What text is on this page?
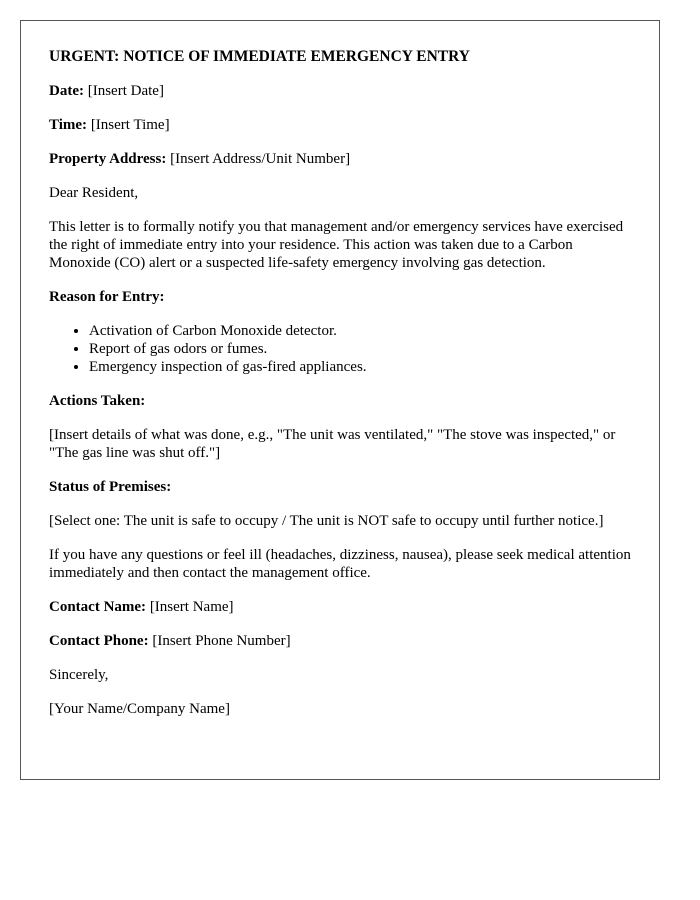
URGENT: NOTICE OF IMMEDIATE EMERGENCY ENTRY

Date: [Insert Date]

Time: [Insert Time]

Property Address: [Insert Address/Unit Number]

Dear Resident,

This letter is to formally notify you that management and/or emergency services have exercised the right of immediate entry into your residence. This action was taken due to a Carbon Monoxide (CO) alert or a suspected life-safety emergency involving gas detection.

Reason for Entry:

• Activation of Carbon Monoxide detector.
• Report of gas odors or fumes.
• Emergency inspection of gas-fired appliances.

Actions Taken:

[Insert details of what was done, e.g., "The unit was ventilated," "The stove was inspected," or "The gas line was shut off."]

Status of Premises:

[Select one: The unit is safe to occupy / The unit is NOT safe to occupy until further notice.]

If you have any questions or feel ill (headaches, dizziness, nausea), please seek medical attention immediately and then contact the management office.

Contact Name: [Insert Name]

Contact Phone: [Insert Phone Number]

Sincerely,

[Your Name/Company Name]
